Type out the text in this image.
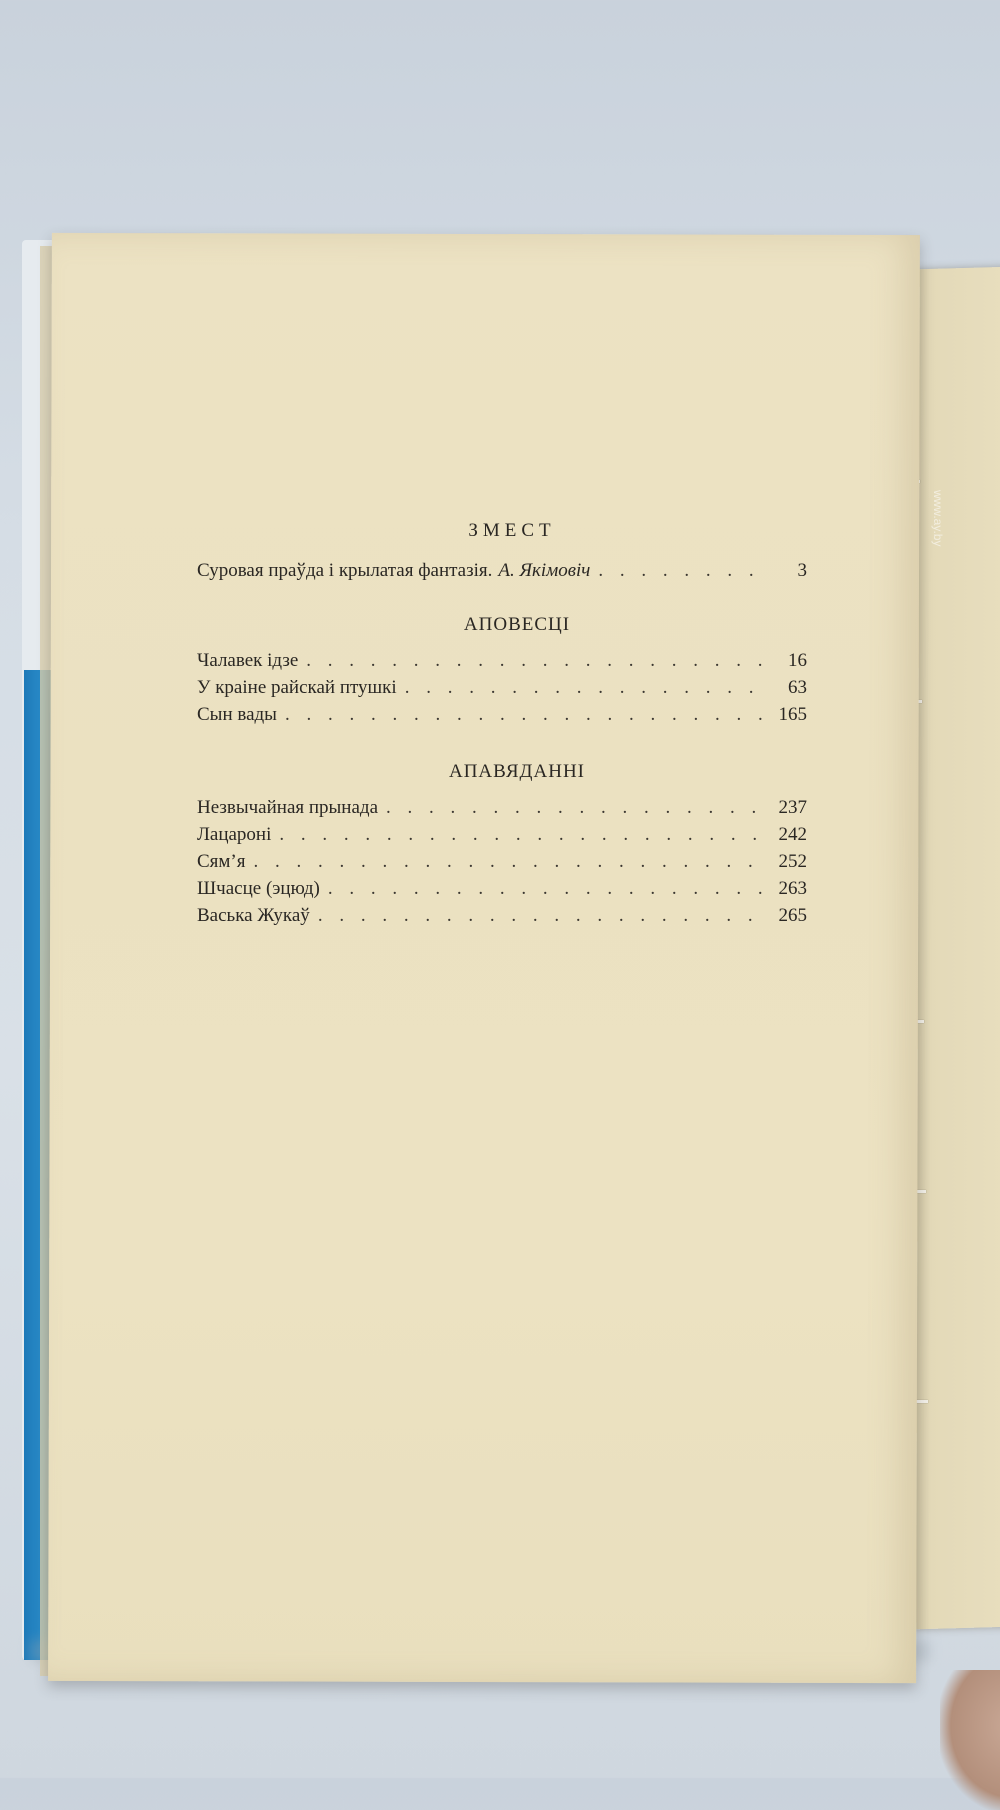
ЗМЕСТ
Суровая праўда і крылатая фантазія. А. Якімовіч . . .	3
АПОВЕСЦІ
Чалавек ідзе . . .	16
У краіне райскай птушкі . . .	63
Сын вады . . .	165
АПАВЯДАННІ
Незвычайная прынада . . .	237
Лацароні . . .	242
Сям’я . . .	252
Шчасце (эцюд) . . .	263
Васька Жукаў . . .	265
www.ay.by
